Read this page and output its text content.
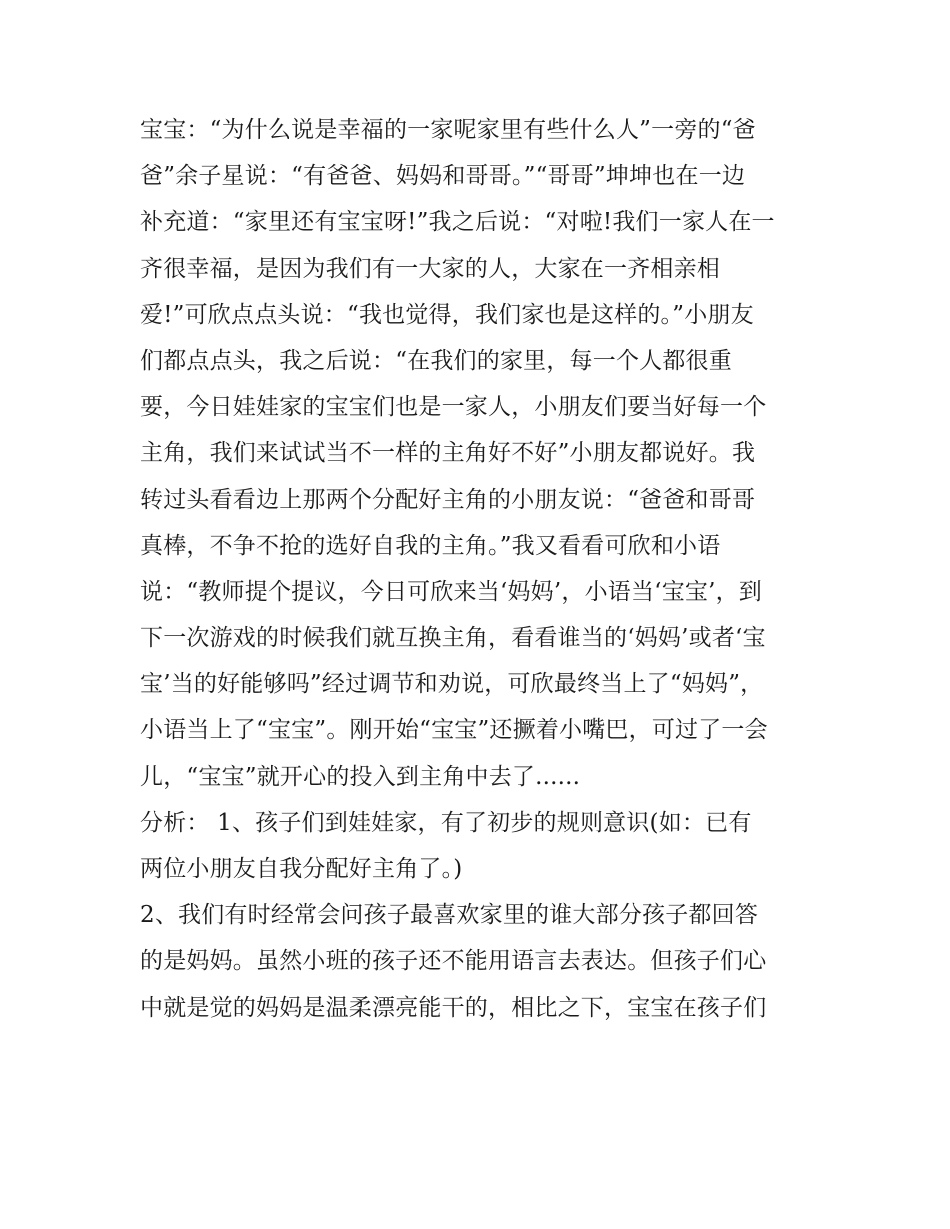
宝宝：“为什么说是幸福的一家呢家里有些什么人”一旁的“爸
爸”余子星说：“有爸爸、妈妈和哥哥。”“哥哥”坤坤也在一边
补充道：“家里还有宝宝呀!”我之后说：“对啦!我们一家人在一
齐很幸福，是因为我们有一大家的人，大家在一齐相亲相
爱!”可欣点点头说：“我也觉得，我们家也是这样的。”小朋友
们都点点头，我之后说：“在我们的家里，每一个人都很重
要，今日娃娃家的宝宝们也是一家人，小朋友们要当好每一个
主角，我们来试试当不一样的主角好不好”小朋友都说好。我
转过头看看边上那两个分配好主角的小朋友说：“爸爸和哥哥
真棒，不争不抢的选好自我的主角。”我又看看可欣和小语
说：“教师提个提议，今日可欣来当‘妈妈’，小语当‘宝宝’，到
下一次游戏的时候我们就互换主角，看看谁当的‘妈妈’或者‘宝
宝’当的好能够吗”经过调节和劝说，可欣最终当上了“妈妈”，
小语当上了“宝宝”。刚开始“宝宝”还撅着小嘴巴，可过了一会
儿，“宝宝”就开心的投入到主角中去了......
分析： 1、孩子们到娃娃家，有了初步的规则意识(如：已有
两位小朋友自我分配好主角了。)
2、我们有时经常会问孩子最喜欢家里的谁大部分孩子都回答
的是妈妈。虽然小班的孩子还不能用语言去表达。但孩子们心
中就是觉的妈妈是温柔漂亮能干的，相比之下，宝宝在孩子们
